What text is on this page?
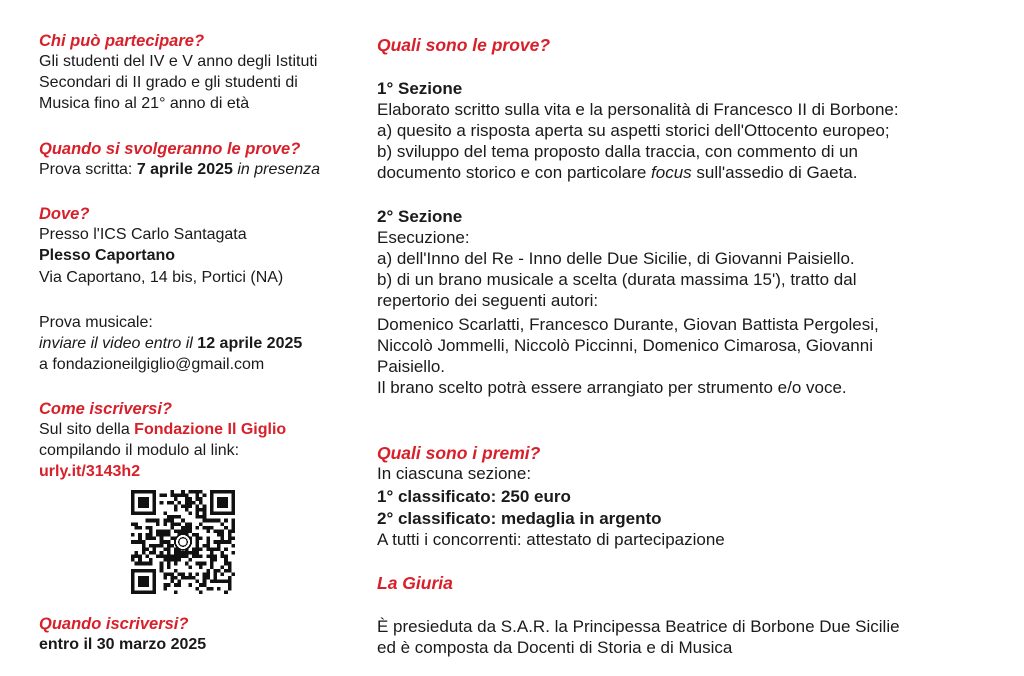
Chi può partecipare?
Gli studenti del IV e V anno degli Istituti
Secondari di II grado e gli studenti di
Musica fino al 21° anno di età
Quando si svolgeranno le prove?
Prova scritta: 7 aprile 2025 in presenza
Dove?
Presso l'ICS Carlo Santagata
Plesso Caportano
Via Caportano, 14 bis, Portici (NA)
Prova musicale:
inviare il video entro il 12 aprile 2025
a fondazioneilgiglio@gmail.com
Come iscriversi?
Sul sito della Fondazione Il Giglio
compilando il modulo al link:
urly.it/3143h2
Quando iscriversi?
entro il 30 marzo 2025
Quali sono le prove?
1° Sezione
Elaborato scritto sulla vita e la personalità di Francesco II di Borbone:
a) quesito a risposta aperta su aspetti storici dell'Ottocento europeo;
b) sviluppo del tema proposto dalla traccia, con commento di un
documento storico e con particolare focus sull'assedio di Gaeta.
2° Sezione
Esecuzione:
a) dell'Inno del Re - Inno delle Due Sicilie, di Giovanni Paisiello.
b) di un brano musicale a scelta (durata massima 15'), tratto dal
repertorio dei seguenti autori:
Domenico Scarlatti, Francesco Durante, Giovan Battista Pergolesi,
Niccolò Jommelli, Niccolò Piccinni, Domenico Cimarosa, Giovanni
Paisiello.
Il brano scelto potrà essere arrangiato per strumento e/o voce.
Quali sono i premi?
In ciascuna sezione:
1° classificato: 250 euro
2° classificato: medaglia in argento
A tutti i concorrenti: attestato di partecipazione
La Giuria
È presieduta da S.A.R. la Principessa Beatrice di Borbone Due Sicilie
ed è composta da Docenti di Storia e di Musica
